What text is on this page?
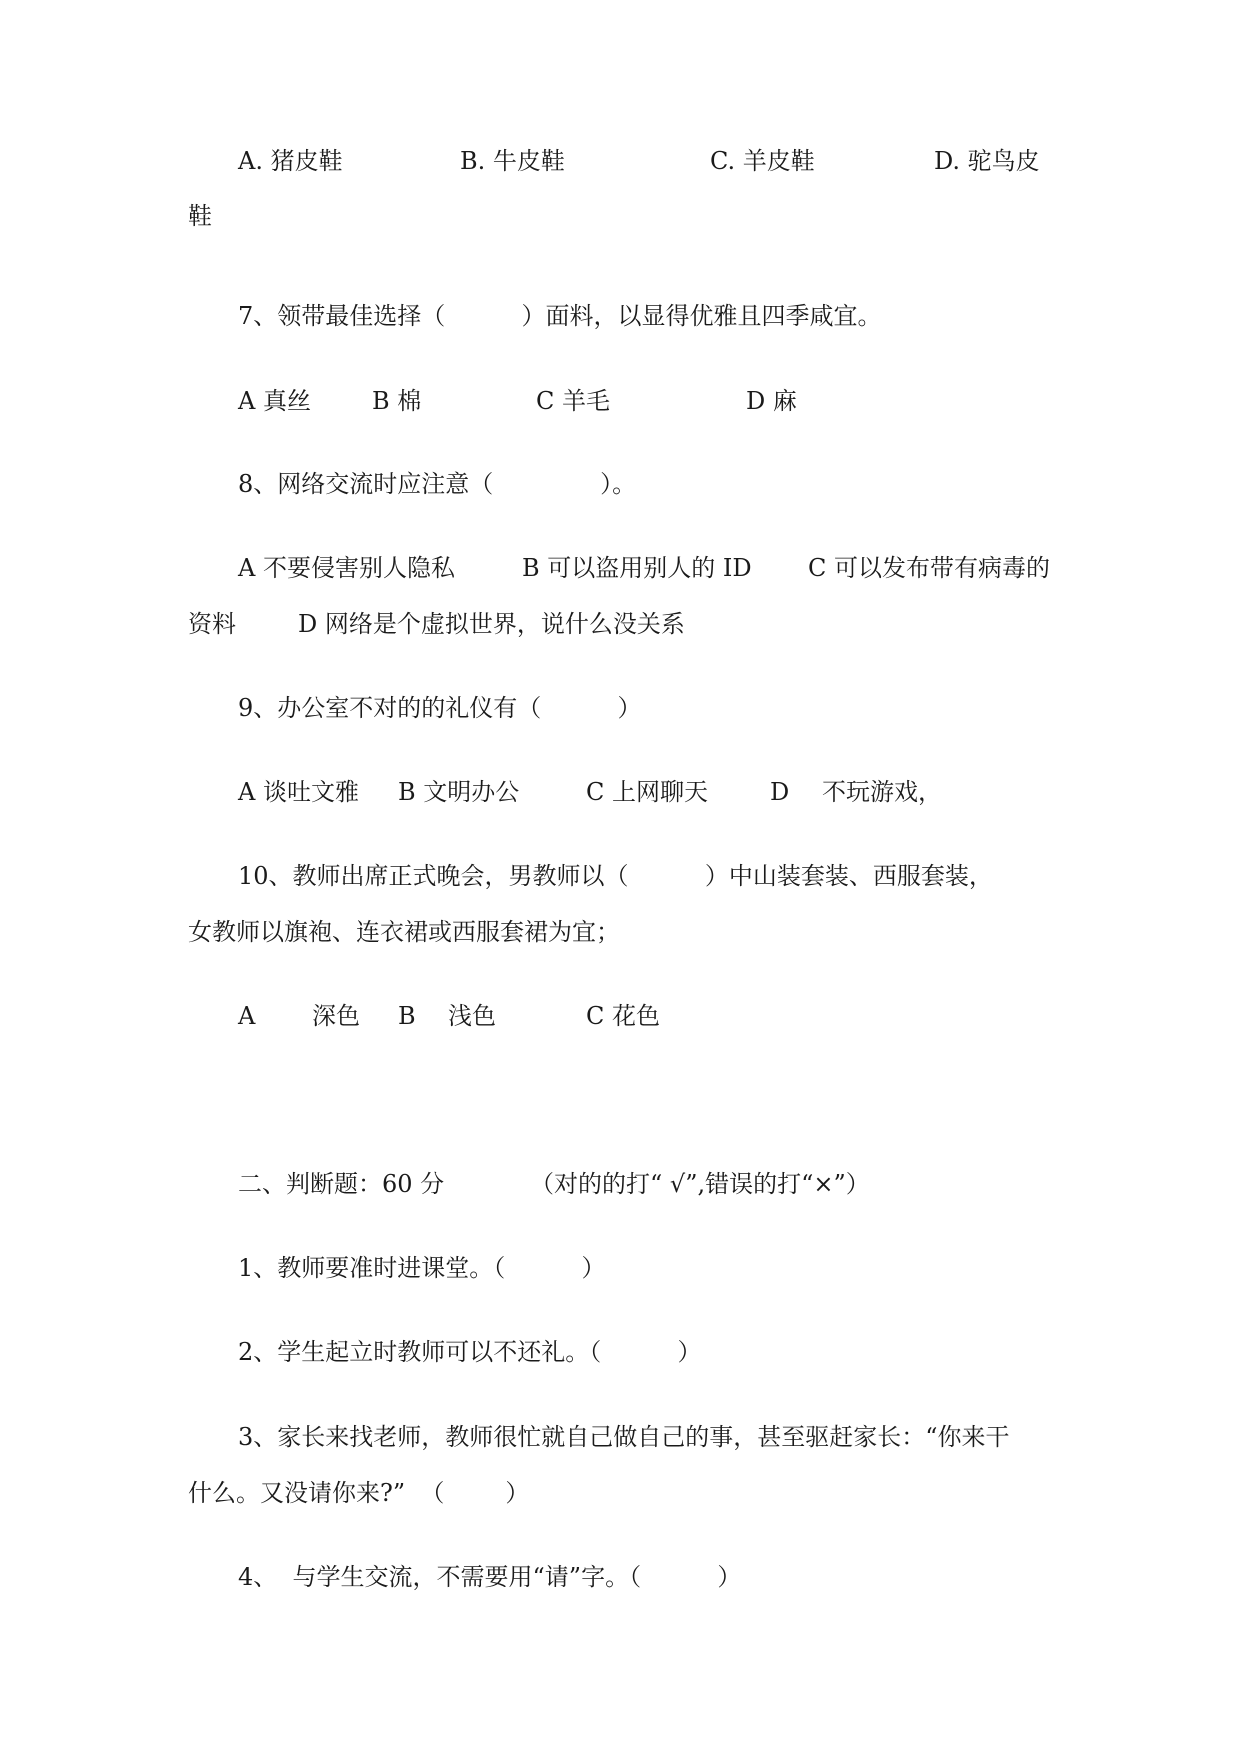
A. 猪皮鞋	B. 牛皮鞋	C. 羊皮鞋	D. 驼鸟皮

鞋

7、领带最佳选择（          ）面料，以显得优雅且四季咸宜。

A 真丝	B 棉	C 羊毛	D 麻

8、网络交流时应注意（              ）。

A 不要侵害别人隐私	B 可以盗用别人的 ID C 可以发布带有病毒的

资料	D 网络是个虚拟世界，说什么没关系

9、办公室不对的的礼仪有（          ）

A 谈吐文雅 B 文明办公	C 上网聊天	D 不玩游戏，

10、教师出席正式晚会，男教师以（          ）中山装套装、西服套装，

女教师以旗袍、连衣裙或西服套裙为宜；

A 深色 B 浅色	C 花色

二、判断题：60 分	（对的的打“ √”,错误的打“×”）

1、教师要准时进课堂。（          ）

2、学生起立时教师可以不还礼。（          ）

3、家长来找老师，教师很忙就自己做自己的事，甚至驱赶家长：“你来干

什么。又没请你来?”  （        ）

4、  与学生交流，不需要用“请”字。（          ）
